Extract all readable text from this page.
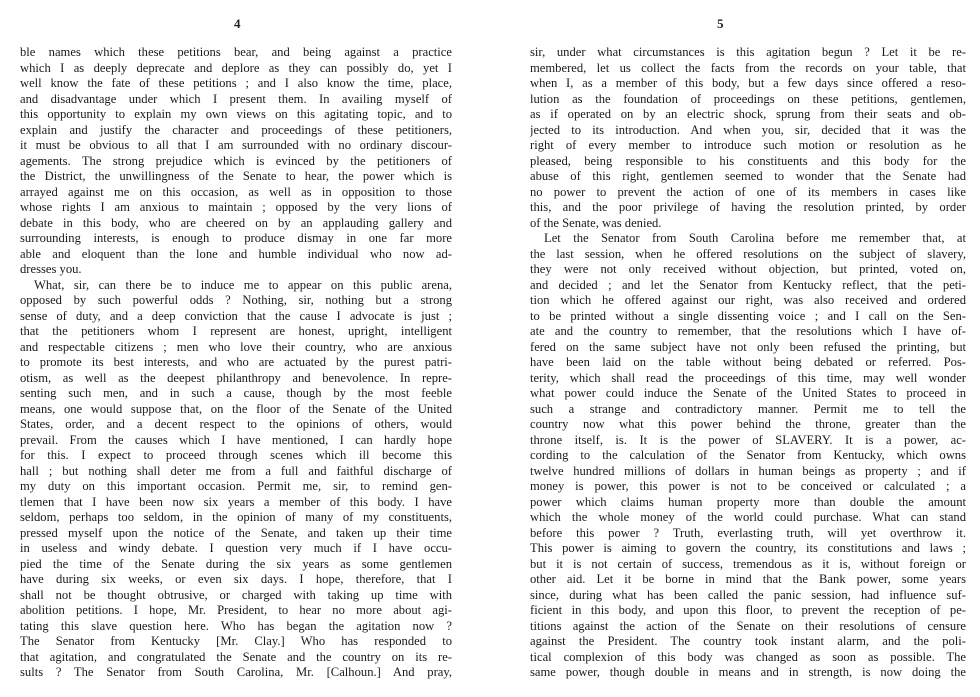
4
ble names which these petitions bear, and being against a practice
which I as deeply deprecate and deplore as they can possibly do, yet I
well know the fate of these petitions ; and I also know the time, place,
and disadvantage under which I present them. In availing myself of
this opportunity to explain my own views on this agitating topic, and to
explain and justify the character and proceedings of these petitioners,
it must be obvious to all that I am surrounded with no ordinary discour-
agements. The strong prejudice which is evinced by the petitioners of
the District, the unwillingness of the Senate to hear, the power which is
arrayed against me on this occasion, as well as in opposition to those
whose rights I am anxious to maintain ; opposed by the very lions of
debate in this body, who are cheered on by an applauding gallery and
surrounding interests, is enough to produce dismay in one far more
able and eloquent than the lone and humble individual who now ad-
dresses you.
What, sir, can there be to induce me to appear on this public arena,
opposed by such powerful odds ? Nothing, sir, nothing but a strong
sense of duty, and a deep conviction that the cause I advocate is just ;
that the petitioners whom I represent are honest, upright, intelligent
and respectable citizens ; men who love their country, who are anxious
to promote its best interests, and who are actuated by the purest patri-
otism, as well as the deepest philanthropy and benevolence. In repre-
senting such men, and in such a cause, though by the most feeble
means, one would suppose that, on the floor of the Senate of the United
States, order, and a decent respect to the opinions of others, would
prevail. From the causes which I have mentioned, I can hardly hope
for this. I expect to proceed through scenes which ill become this
hall ; but nothing shall deter me from a full and faithful discharge of
my duty on this important occasion. Permit me, sir, to remind gen-
tlemen that I have been now six years a member of this body. I have
seldom, perhaps too seldom, in the opinion of many of my constituents,
pressed myself upon the notice of the Senate, and taken up their time
in useless and windy debate. I question very much if I have occu-
pied the time of the Senate during the six years as some gentlemen
have during six weeks, or even six days. I hope, therefore, that I
shall not be thought obtrusive, or charged with taking up time with
abolition petitions. I hope, Mr. President, to hear no more about agi-
tating this slave question here. Who has began the agitation now ?
The Senator from Kentucky [Mr. Clay.] Who has responded to
that agitation, and congratulated the Senate and the country on its re-
sults ? The Senator from South Carolina, Mr. [Calhoun.] And pray,
5
sir, under what circumstances is this agitation begun ? Let it be re-
membered, let us collect the facts from the records on your table, that
when I, as a member of this body, but a few days since offered a reso-
lution as the foundation of proceedings on these petitions, gentlemen,
as if operated on by an electric shock, sprung from their seats and ob-
jected to its introduction. And when you, sir, decided that it was the
right of every member to introduce such motion or resolution as he
pleased, being responsible to his constituents and this body for the
abuse of this right, gentlemen seemed to wonder that the Senate had
no power to prevent the action of one of its members in cases like
this, and the poor privilege of having the resolution printed, by order
of the Senate, was denied.
Let the Senator from South Carolina before me remember that, at
the last session, when he offered resolutions on the subject of slavery,
they were not only received without objection, but printed, voted on,
and decided ; and let the Senator from Kentucky reflect, that the peti-
tion which he offered against our right, was also received and ordered
to be printed without a single dissenting voice ; and I call on the Sen-
ate and the country to remember, that the resolutions which I have of-
fered on the same subject have not only been refused the printing, but
have been laid on the table without being debated or referred. Pos-
terity, which shall read the proceedings of this time, may well wonder
what power could induce the Senate of the United States to proceed in
such a strange and contradictory manner. Permit me to tell the
country now what this power behind the throne, greater than the
throne itself, is. It is the power of SLAVERY. It is a power, ac-
cording to the calculation of the Senator from Kentucky, which owns
twelve hundred millions of dollars in human beings as property ; and if
money is power, this power is not to be conceived or calculated ; a
power which claims human property more than double the amount
which the whole money of the world could purchase. What can stand
before this power ? Truth, everlasting truth, will yet overthrow it.
This power is aiming to govern the country, its constitutions and laws ;
but it is not certain of success, tremendous as it is, without foreign or
other aid. Let it be borne in mind that the Bank power, some years
since, during what has been called the panic session, had influence suf-
ficient in this body, and upon this floor, to prevent the reception of pe-
titions against the action of the Senate on their resolutions of censure
against the President. The country took instant alarm, and the poli-
tical complexion of this body was changed as soon as possible. The
same power, though double in means and in strength, is now doing the
